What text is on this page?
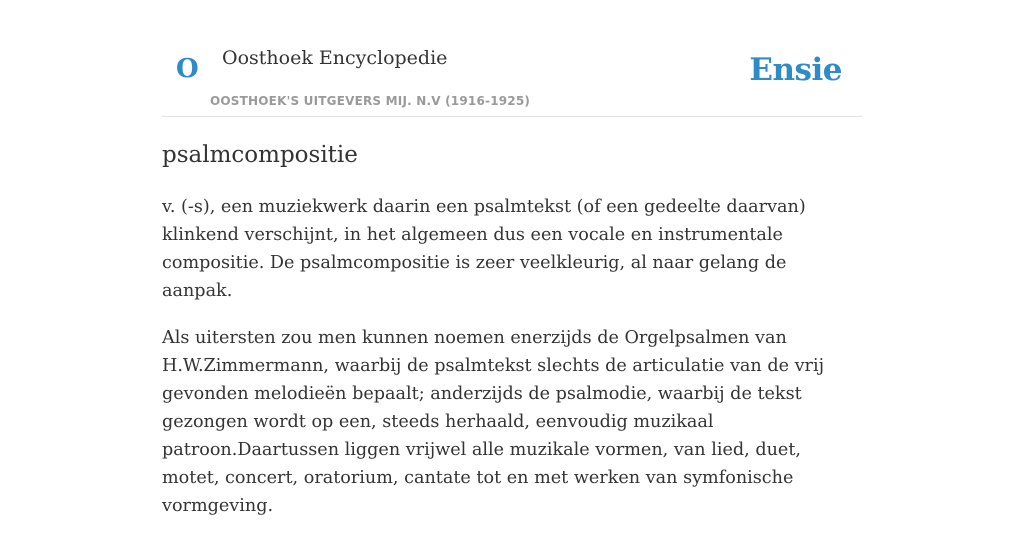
O Oosthoek Encyclopedie
OOSTHOEK'S UITGEVERS MIJ. N.V (1916-1925)
Ensie
psalmcompositie

v. (-s), een muziekwerk daarin een psalmtekst (of een gedeelte daarvan) klinkend verschijnt, in het algemeen dus een vocale en instrumentale compositie. De psalmcompositie is zeer veelkleurig, al naar gelang de aanpak.

Als uitersten zou men kunnen noemen enerzijds de Orgelpsalmen van H.W.Zimmermann, waarbij de psalmtekst slechts de articulatie van de vrij gevonden melodieën bepaalt; anderzijds de psalmodie, waarbij de tekst gezongen wordt op een, steeds herhaald, eenvoudig muzikaal patroon.Daartussen liggen vrijwel alle muzikale vormen, van lied, duet, motet, concert, oratorium, cantate tot en met werken van symfonische vormgeving.
